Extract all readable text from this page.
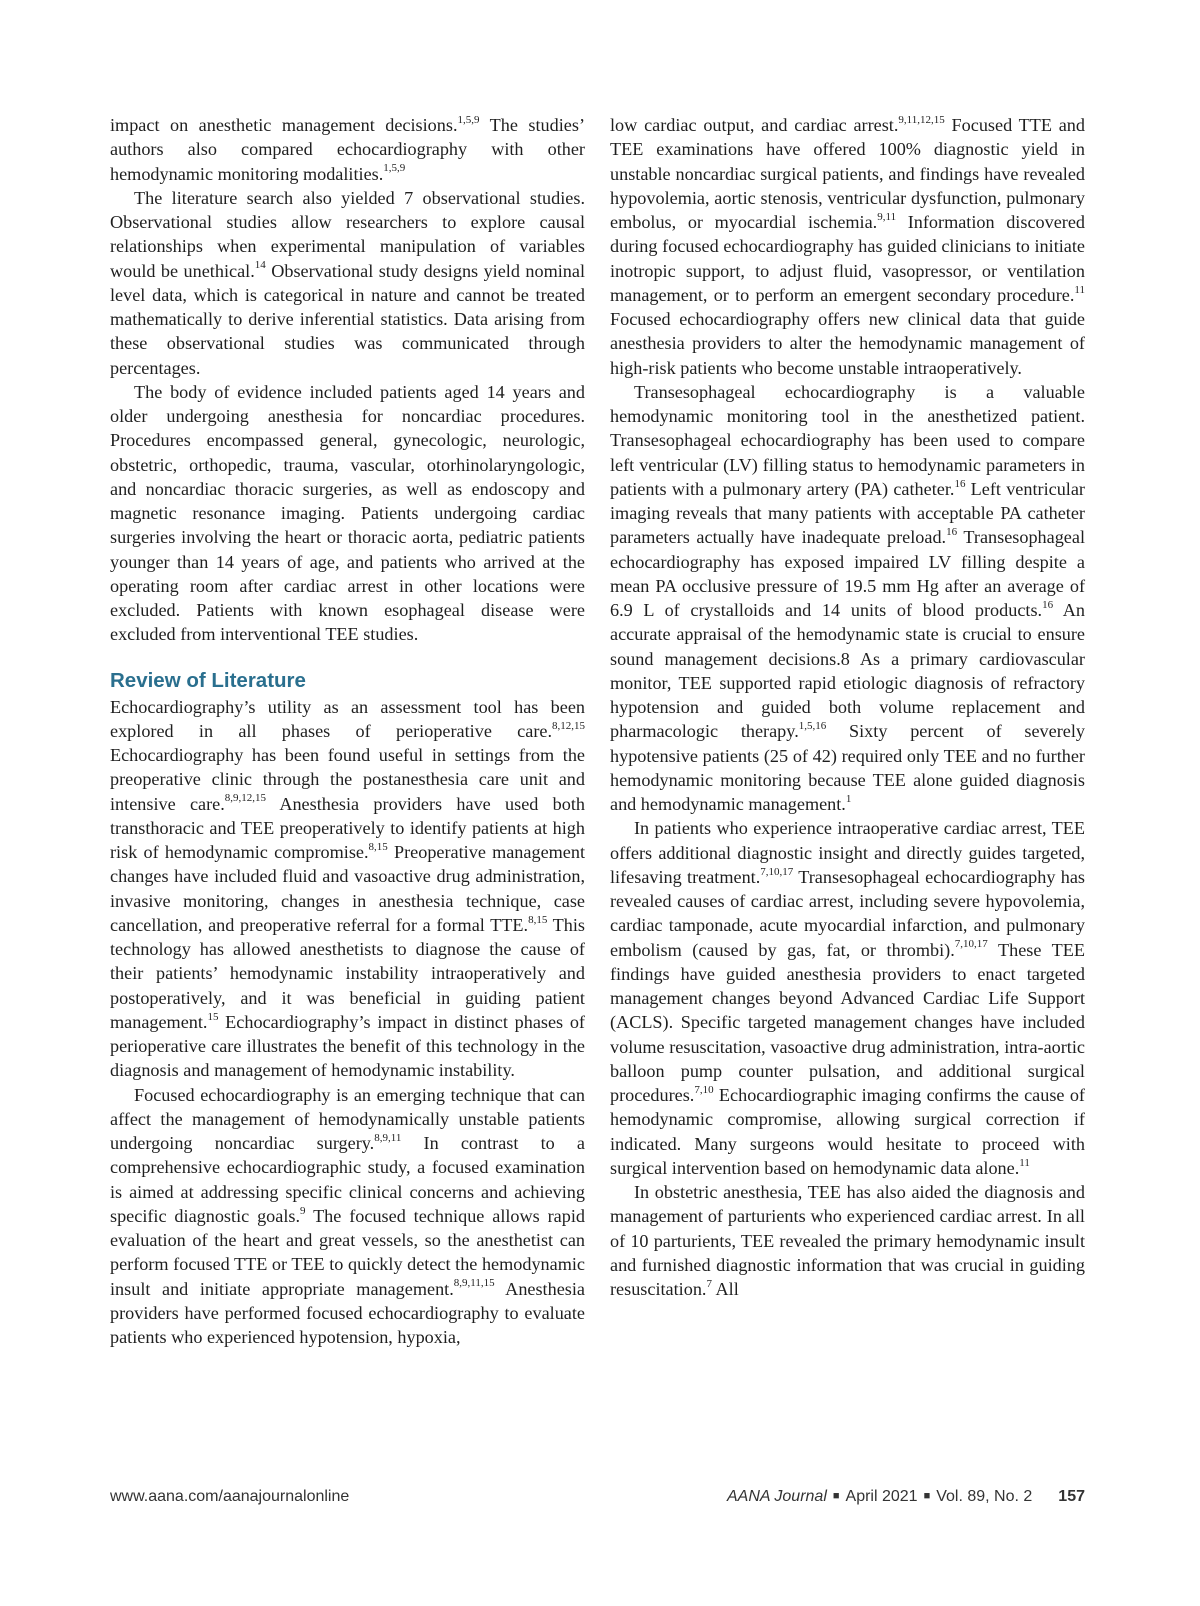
impact on anesthetic management decisions.$^{1,5,9}$ The studies’ authors also compared echocardiography with other hemodynamic monitoring modalities.$^{1,5,9}$

The literature search also yielded 7 observational studies. Observational studies allow researchers to explore causal relationships when experimental manipulation of variables would be unethical.$^{14}$ Observational study designs yield nominal level data, which is categorical in nature and cannot be treated mathematically to derive inferential statistics. Data arising from these observational studies was communicated through percentages.

The body of evidence included patients aged 14 years and older undergoing anesthesia for noncardiac procedures. Procedures encompassed general, gynecologic, neurologic, obstetric, orthopedic, trauma, vascular, otorhinolaryngologic, and noncardiac thoracic surgeries, as well as endoscopy and magnetic resonance imaging. Patients undergoing cardiac surgeries involving the heart or thoracic aorta, pediatric patients younger than 14 years of age, and patients who arrived at the operating room after cardiac arrest in other locations were excluded. Patients with known esophageal disease were excluded from interventional TEE studies.

Review of Literature

Echocardiography’s utility as an assessment tool has been explored in all phases of perioperative care.$^{8,12,15}$ Echocardiography has been found useful in settings from the preoperative clinic through the postanesthesia care unit and intensive care.$^{8,9,12,15}$ Anesthesia providers have used both transthoracic and TEE preoperatively to identify patients at high risk of hemodynamic compromise.$^{8,15}$ Preoperative management changes have included fluid and vasoactive drug administration, invasive monitoring, changes in anesthesia technique, case cancellation, and preoperative referral for a formal TTE.$^{8,15}$ This technology has allowed anesthetists to diagnose the cause of their patients’ hemodynamic instability intraoperatively and postoperatively, and it was beneficial in guiding patient management.$^{15}$ Echocardiography’s impact in distinct phases of perioperative care illustrates the benefit of this technology in the diagnosis and management of hemodynamic instability.

Focused echocardiography is an emerging technique that can affect the management of hemodynamically unstable patients undergoing noncardiac surgery.$^{8,9,11}$ In contrast to a comprehensive echocardiographic study, a focused examination is aimed at addressing specific clinical concerns and achieving specific diagnostic goals.$^9$ The focused technique allows rapid evaluation of the heart and great vessels, so the anesthetist can perform focused TTE or TEE to quickly detect the hemodynamic insult and initiate appropriate management.$^{8,9,11,15}$ Anesthesia providers have performed focused echocardiography to evaluate patients who experienced hypotension, hypoxia,

low cardiac output, and cardiac arrest.$^{9,11,12,15}$ Focused TTE and TEE examinations have offered 100% diagnostic yield in unstable noncardiac surgical patients, and findings have revealed hypovolemia, aortic stenosis, ventricular dysfunction, pulmonary embolus, or myocardial ischemia.$^{9,11}$ Information discovered during focused echocardiography has guided clinicians to initiate inotropic support, to adjust fluid, vasopressor, or ventilation management, or to perform an emergent secondary procedure.$^{11}$ Focused echocardiography offers new clinical data that guide anesthesia providers to alter the hemodynamic management of high-risk patients who become unstable intraoperatively.

Transesophageal echocardiography is a valuable hemodynamic monitoring tool in the anesthetized patient. Transesophageal echocardiography has been used to compare left ventricular (LV) filling status to hemodynamic parameters in patients with a pulmonary artery (PA) catheter.$^{16}$ Left ventricular imaging reveals that many patients with acceptable PA catheter parameters actually have inadequate preload.$^{16}$ Transesophageal echocardiography has exposed impaired LV filling despite a mean PA occlusive pressure of 19.5 mm Hg after an average of 6.9 L of crystalloids and 14 units of blood products.$^{16}$ An accurate appraisal of the hemodynamic state is crucial to ensure sound management decisions.8 As a primary cardiovascular monitor, TEE supported rapid etiologic diagnosis of refractory hypotension and guided both volume replacement and pharmacologic therapy.$^{1,5,16}$ Sixty percent of severely hypotensive patients (25 of 42) required only TEE and no further hemodynamic monitoring because TEE alone guided diagnosis and hemodynamic management.$^1$

In patients who experience intraoperative cardiac arrest, TEE offers additional diagnostic insight and directly guides targeted, lifesaving treatment.$^{7,10,17}$ Transesophageal echocardiography has revealed causes of cardiac arrest, including severe hypovolemia, cardiac tamponade, acute myocardial infarction, and pulmonary embolism (caused by gas, fat, or thrombi).$^{7,10,17}$ These TEE findings have guided anesthesia providers to enact targeted management changes beyond Advanced Cardiac Life Support (ACLS). Specific targeted management changes have included volume resuscitation, vasoactive drug administration, intra-aortic balloon pump counter pulsation, and additional surgical procedures.$^{7,10}$ Echocardiographic imaging confirms the cause of hemodynamic compromise, allowing surgical correction if indicated. Many surgeons would hesitate to proceed with surgical intervention based on hemodynamic data alone.$^{11}$

In obstetric anesthesia, TEE has also aided the diagnosis and management of parturients who experienced cardiac arrest. In all of 10 parturients, TEE revealed the primary hemodynamic insult and furnished diagnostic information that was crucial in guiding resuscitation.$^7$ All

www.aana.com/aanajournalonline	AANA Journal ■ April 2021 ■ Vol. 89, No. 2 157
